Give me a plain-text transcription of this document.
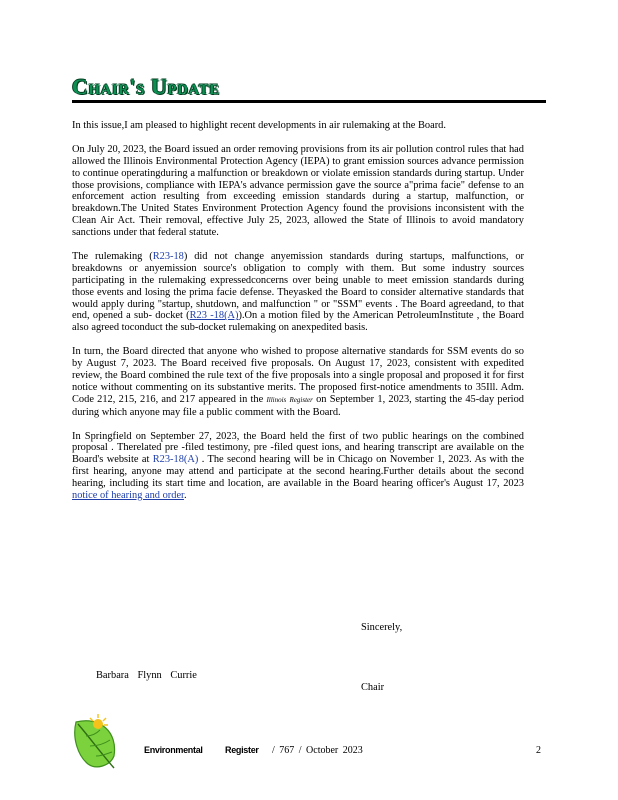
Chair's Update

In this issue,I am pleased to highlight recent developments in air rulemaking at the Board.

On July 20, 2023, the Board issued an order removing provisions from its air pollution control rules that had allowed the Illinois Environmental Protection Agency (IEPA) to grant emission sources advance permission to continue operatingduring a malfunction or breakdown or violate emission standards during startup. Under those provisions, compliance with IEPA's advance permission gave the source a"prima facie" defense to an enforcement action resulting from exceeding emission standards during a startup, malfunction, or breakdown.The United States Environment Protection Agency found the provisions inconsistent with the Clean Air Act. Their removal, effective July 25, 2023, allowed the State of Illinois to avoid mandatory sanctions under that federal statute.

The rulemaking (R23-18) did not change anyemission standards during startups, malfunctions, or breakdowns or anyemission source's obligation to comply with them. But some industry sources participating in the rulemaking expressedconcerns over being unable to meet emission standards during those events and losing the prima facie defense. Theyasked the Board to consider alternative standards that would apply during "startup, shutdown, and malfunction " or "SSM" events . The Board agreedand, to that end, opened a sub- docket (R23 -18(A)).On a motion filed by the American PetroleumInstitute , the Board also agreed toconduct the sub-docket rulemaking on anexpedited basis.

In turn, the Board directed that anyone who wished to propose alternative standards for SSM events do so by August 7, 2023. The Board received five proposals. On August 17, 2023, consistent with expedited review, the Board combined the rule text of the five proposals into a single proposal and proposed it for first notice without commenting on its substantive merits. The proposed first-notice amendments to 35Ill. Adm. Code 212, 215, 216, and 217 appeared in the Illinois Register on September 1, 2023, starting the 45-day period during which anyone may file a public comment with the Board.

In Springfield on September 27, 2023, the Board held the first of two public hearings on the combined proposal . Therelated pre -filed testimony, pre -filed quest ions, and hearing transcript are available on the Board's website at R23-18(A) . The second hearing will be in Chicago on November 1, 2023. As with the first hearing, anyone may attend and participate at the second hearing.Further details about the second hearing, including its start time and location, are available in the Board hearing officer's August 17, 2023 notice of hearing and order.

Sincerely,
Barbara Flynn Currie
Chair
Environmental Register / 767 / October 2023	2
